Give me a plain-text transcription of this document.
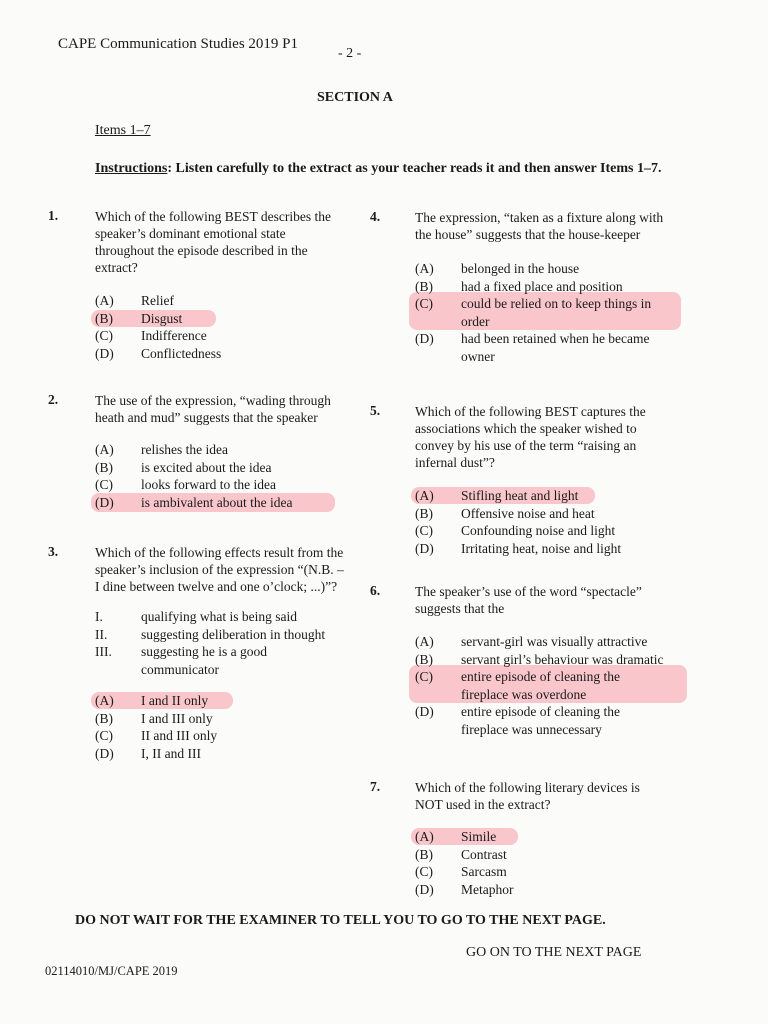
CAPE Communication Studies 2019 P1
- 2 -
SECTION A
Items 1–7
Instructions: Listen carefully to the extract as your teacher reads it and then answer Items 1–7.
1.	Which of the following BEST describes the speaker’s dominant emotional state throughout the episode described in the extract?

(A)	Relief
(B)	Disgust
(C)	Indifference
(D)	Conflictedness
2.	The use of the expression, “wading through heath and mud” suggests that the speaker

(A)	relishes the idea
(B)	is excited about the idea
(C)	looks forward to the idea
(D)	is ambivalent about the idea
3.	Which of the following effects result from the speaker’s inclusion of the expression “(N.B. – I dine between twelve and one o’clock; ...)”?

I.	qualifying what is being said
II.	suggesting deliberation in thought
III.	suggesting he is a good communicator
(A)	I and II only
(B)	I and III only
(C)	II and III only
(D)	I, II and III
4.	The expression, “taken as a fixture along with the house” suggests that the house-keeper

(A)	belonged in the house
(B)	had a fixed place and position
(C)	could be relied on to keep things in order
(D)	had been retained when he became owner
5.	Which of the following BEST captures the associations which the speaker wished to convey by his use of the term “raising an infernal dust”?

(A)	Stifling heat and light
(B)	Offensive noise and heat
(C)	Confounding noise and light
(D)	Irritating heat, noise and light
6.	The speaker’s use of the word “spectacle” suggests that the

(A)	servant-girl was visually attractive
(B)	servant girl’s behaviour was dramatic
(C)	entire episode of cleaning the fireplace was overdone
(D)	entire episode of cleaning the fireplace was unnecessary
7.	Which of the following literary devices is NOT used in the extract?

(A)	Simile
(B)	Contrast
(C)	Sarcasm
(D)	Metaphor
DO NOT WAIT FOR THE EXAMINER TO TELL YOU TO GO TO THE NEXT PAGE.
GO ON TO THE NEXT PAGE
02114010/MJ/CAPE 2019
